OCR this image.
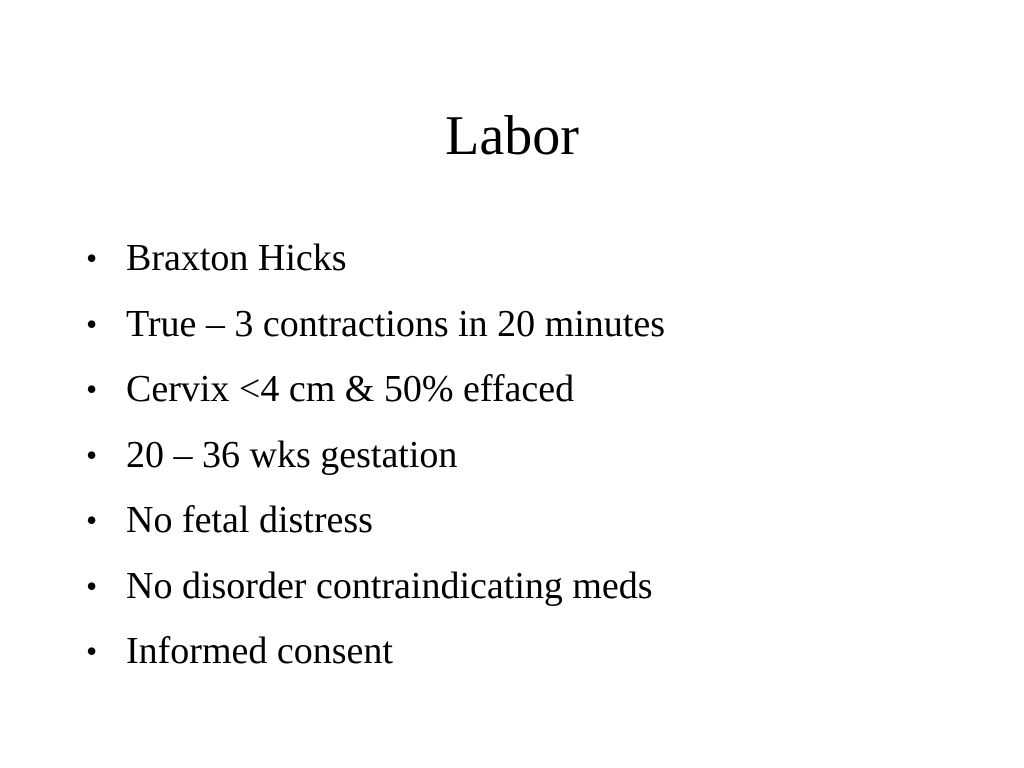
Labor
• Braxton Hicks
• True – 3 contractions in 20 minutes
• Cervix <4 cm & 50% effaced
• 20 – 36 wks gestation
• No fetal distress
• No disorder contraindicating meds
• Informed consent
